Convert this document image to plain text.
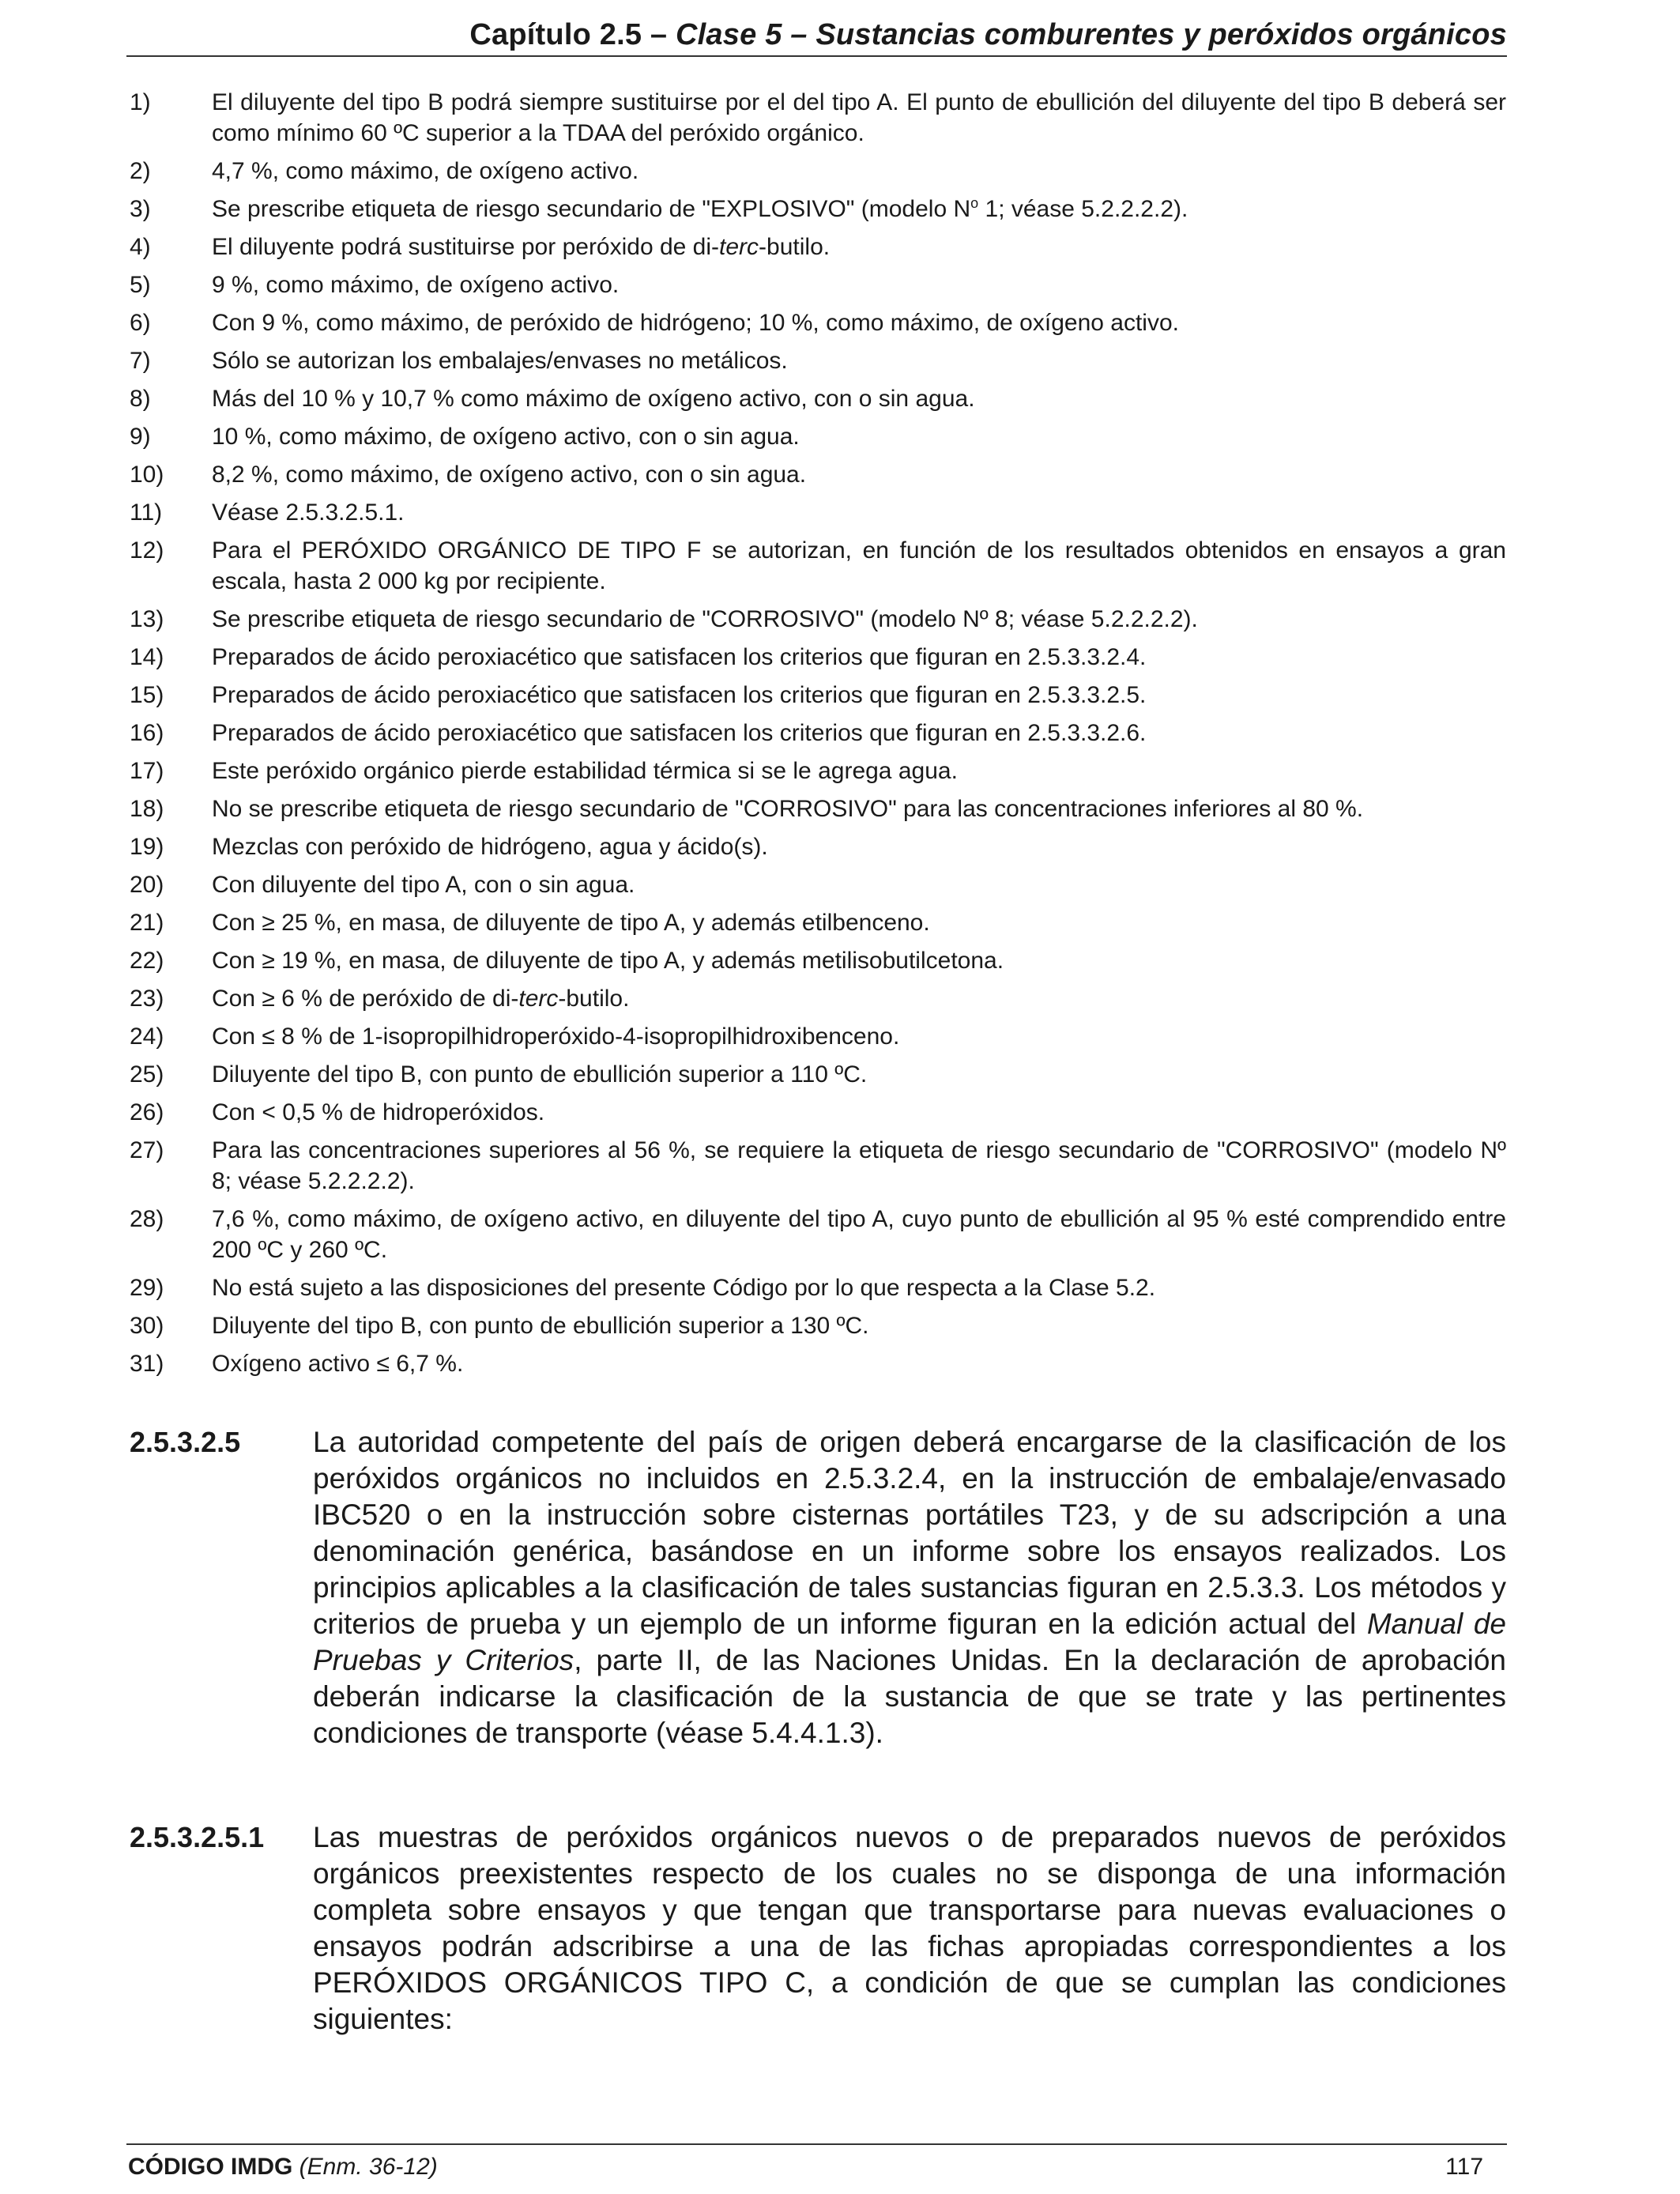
Capítulo 2.5 – Clase 5 – Sustancias comburentes y peróxidos orgánicos
1)	El diluyente del tipo B podrá siempre sustituirse por el del tipo A. El punto de ebullición del diluyente del tipo B deberá ser como mínimo 60 ºC superior a la TDAA del peróxido orgánico.
2)	4,7 %, como máximo, de oxígeno activo.
3)	Se prescribe etiqueta de riesgo secundario de "EXPLOSIVO" (modelo $N^o$ 1; véase 5.2.2.2.2).
4)	El diluyente podrá sustituirse por peróxido de di-terc-butilo.
5)	9 %, como máximo, de oxígeno activo.
6)	Con 9 %, como máximo, de peróxido de hidrógeno; 10 %, como máximo, de oxígeno activo.
7)	Sólo se autorizan los embalajes/envases no metálicos.
8)	Más del 10 % y 10,7 % como máximo de oxígeno activo, con o sin agua.
9)	10 %, como máximo, de oxígeno activo, con o sin agua.
10)	8,2 %, como máximo, de oxígeno activo, con o sin agua.
11)	Véase 2.5.3.2.5.1.
12)	Para el PERÓXIDO ORGÁNICO DE TIPO F se autorizan, en función de los resultados obtenidos en ensayos a gran escala, hasta 2 000 kg por recipiente.
13)	Se prescribe etiqueta de riesgo secundario de "CORROSIVO" (modelo Nº 8; véase 5.2.2.2.2).
14)	Preparados de ácido peroxiacético que satisfacen los criterios que figuran en 2.5.3.3.2.4.
15)	Preparados de ácido peroxiacético que satisfacen los criterios que figuran en 2.5.3.3.2.5.
16)	Preparados de ácido peroxiacético que satisfacen los criterios que figuran en 2.5.3.3.2.6.
17)	Este peróxido orgánico pierde estabilidad térmica si se le agrega agua.
18)	No se prescribe etiqueta de riesgo secundario de "CORROSIVO" para las concentraciones inferiores al 80 %.
19)	Mezclas con peróxido de hidrógeno, agua y ácido(s).
20)	Con diluyente del tipo A, con o sin agua.
21)	Con ≥ 25 %, en masa, de diluyente de tipo A, y además etilbenceno.
22)	Con ≥ 19 %, en masa, de diluyente de tipo A, y además metilisobutilcetona.
23)	Con ≥ 6 % de peróxido de di-terc-butilo.
24)	Con ≤ 8 % de 1-isopropilhidroperóxido-4-isopropilhidroxibenceno.
25)	Diluyente del tipo B, con punto de ebullición superior a 110 ºC.
26)	Con < 0,5 % de hidroperóxidos.
27)	Para las concentraciones superiores al 56 %, se requiere la etiqueta de riesgo secundario de "CORROSIVO" (modelo Nº 8; véase 5.2.2.2.2).
28)	7,6 %, como máximo, de oxígeno activo, en diluyente del tipo A, cuyo punto de ebullición al 95 % esté comprendido entre 200 ºC y 260 ºC.
29)	No está sujeto a las disposiciones del presente Código por lo que respecta a la Clase 5.2.
30)	Diluyente del tipo B, con punto de ebullición superior a 130 ºC.
31)	Oxígeno activo ≤ 6,7 %.
2.5.3.2.5	La autoridad competente del país de origen deberá encargarse de la clasificación de los peróxidos orgánicos no incluidos en 2.5.3.2.4, en la instrucción de embalaje/envasado IBC520 o en la instrucción sobre cisternas portátiles T23, y de su adscripción a una denominación genérica, basándose en un informe sobre los ensayos realizados. Los principios aplicables a la clasificación de tales sustancias figuran en 2.5.3.3. Los métodos y criterios de prueba y un ejemplo de un informe figuran en la edición actual del Manual de Pruebas y Criterios, parte II, de las Naciones Unidas. En la declaración de aprobación deberán indicarse la clasificación de la sustancia de que se trate y las pertinentes condiciones de transporte (véase 5.4.4.1.3).
2.5.3.2.5.1	Las muestras de peróxidos orgánicos nuevos o de preparados nuevos de peróxidos orgánicos preexistentes respecto de los cuales no se disponga de una información completa sobre ensayos y que tengan que transportarse para nuevas evaluaciones o ensayos podrán adscribirse a una de las fichas apropiadas correspondientes a los PERÓXIDOS ORGÁNICOS TIPO C, a condición de que se cumplan las condiciones siguientes:
CÓDIGO IMDG (Enm. 36-12)	117
